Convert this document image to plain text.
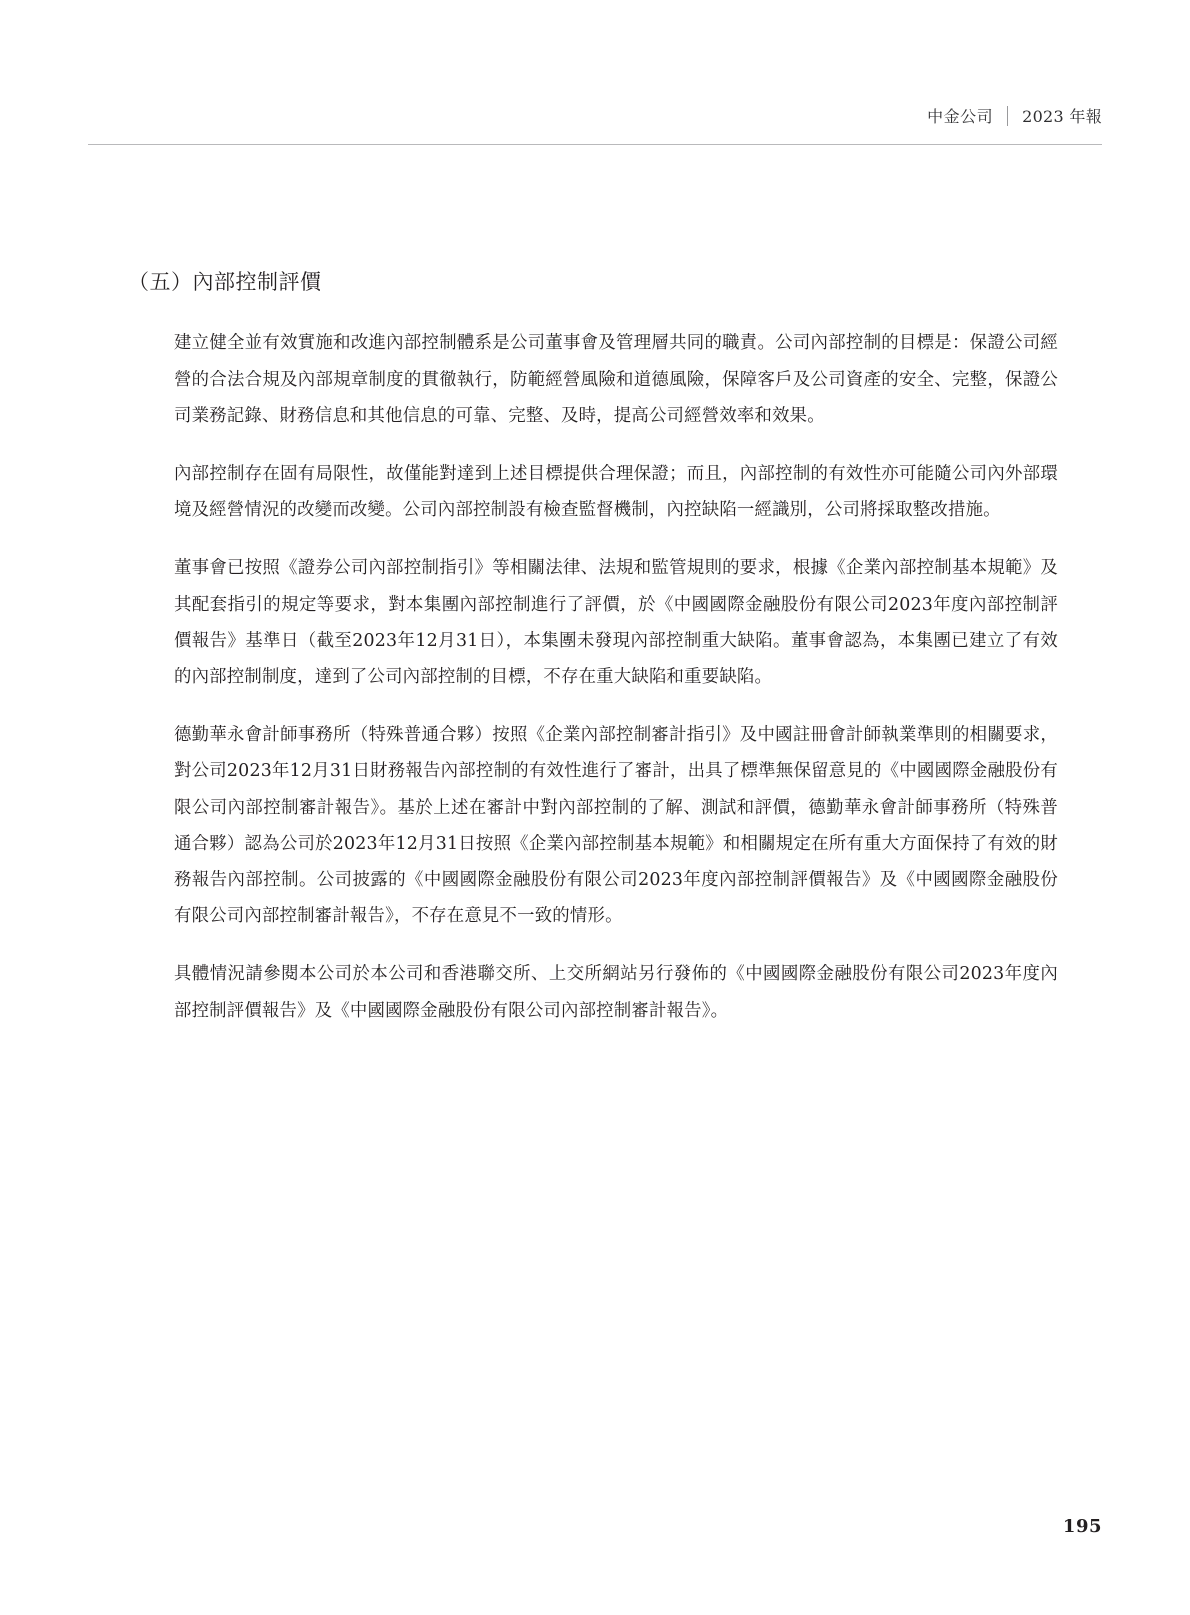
中金公司	2023 年報
（五）內部控制評價

建立健全並有效實施和改進內部控制體系是公司董事會及管理層共同的職責。公司內部控制的目標是：保證公司經營的合法合規及內部規章制度的貫徹執行，防範經營風險和道德風險，保障客戶及公司資產的安全、完整，保證公司業務記錄、財務信息和其他信息的可靠、完整、及時，提高公司經營效率和效果。

內部控制存在固有局限性，故僅能對達到上述目標提供合理保證；而且，內部控制的有效性亦可能隨公司內外部環境及經營情況的改變而改變。公司內部控制設有檢查監督機制，內控缺陷一經識別，公司將採取整改措施。

董事會已按照《證券公司內部控制指引》等相關法律、法規和監管規則的要求，根據《企業內部控制基本規範》及其配套指引的規定等要求，對本集團內部控制進行了評價，於《中國國際金融股份有限公司2023年度內部控制評價報告》基準日（截至2023年12月31日），本集團未發現內部控制重大缺陷。董事會認為，本集團已建立了有效的內部控制制度，達到了公司內部控制的目標，不存在重大缺陷和重要缺陷。

德勤華永會計師事務所（特殊普通合夥）按照《企業內部控制審計指引》及中國註冊會計師執業準則的相關要求，對公司2023年12月31日財務報告內部控制的有效性進行了審計，出具了標準無保留意見的《中國國際金融股份有限公司內部控制審計報告》。基於上述在審計中對內部控制的了解、測試和評價，德勤華永會計師事務所（特殊普通合夥）認為公司於2023年12月31日按照《企業內部控制基本規範》和相關規定在所有重大方面保持了有效的財務報告內部控制。公司披露的《中國國際金融股份有限公司2023年度內部控制評價報告》及《中國國際金融股份有限公司內部控制審計報告》，不存在意見不一致的情形。

具體情況請參閱本公司於本公司和香港聯交所、上交所網站另行發佈的《中國國際金融股份有限公司2023年度內部控制評價報告》及《中國國際金融股份有限公司內部控制審計報告》。

195
